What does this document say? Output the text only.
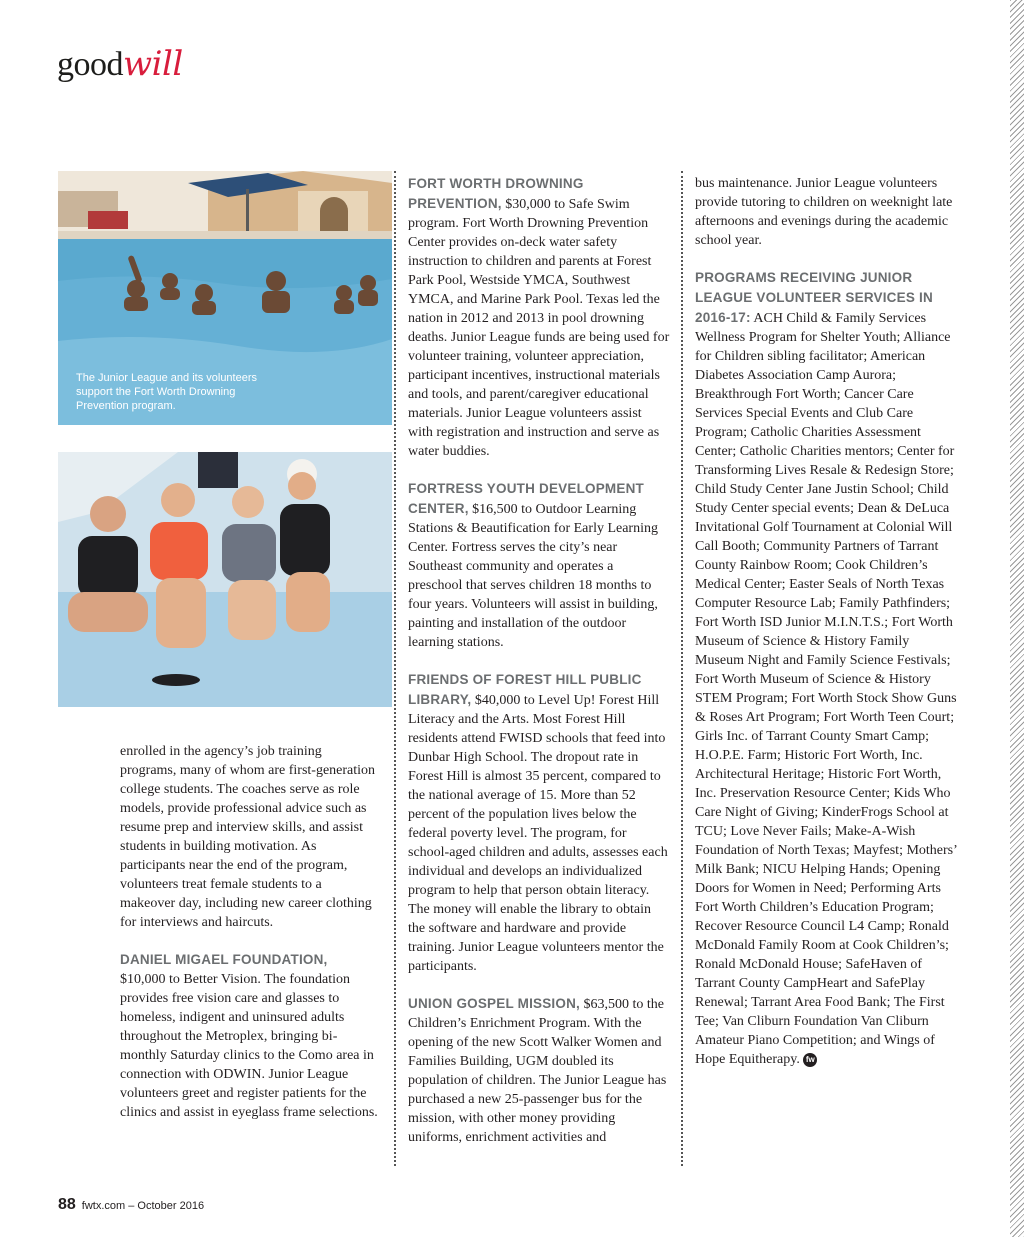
goodwill
The Junior League and its volunteers support the Fort Worth Drowning Prevention program.

enrolled in the agency’s job training programs, many of whom are first-generation college students. The coaches serve as role models, provide professional advice such as resume prep and interview skills, and assist students in building motivation. As participants near the end of the program, volunteers treat female students to a makeover day, including new career clothing for interviews and haircuts.

DANIEL MIGAEL FOUNDATION,
$10,000 to Better Vision. The foundation provides free vision care and glasses to homeless, indigent and uninsured adults throughout the Metroplex, bringing bi-monthly Saturday clinics to the Como area in connection with ODWIN. Junior League volunteers greet and register patients for the clinics and assist in eyeglass frame selections.

FORT WORTH DROWNING PREVENTION, $30,000 to Safe Swim program. Fort Worth Drowning Prevention Center provides on-deck water safety instruction to children and parents at Forest Park Pool, Westside YMCA, Southwest YMCA, and Marine Park Pool. Texas led the nation in 2012 and 2013 in pool drowning deaths. Junior League funds are being used for volunteer training, volunteer appreciation, participant incentives, instructional materials and tools, and parent/caregiver educational materials. Junior League volunteers assist with registration and instruction and serve as water buddies.

FORTRESS YOUTH DEVELOPMENT CENTER, $16,500 to Outdoor Learning Stations & Beautification for Early Learning Center. Fortress serves the city’s near Southeast community and operates a preschool that serves children 18 months to four years. Volunteers will assist in building, painting and installation of the outdoor learning stations.

FRIENDS OF FOREST HILL PUBLIC LIBRARY, $40,000 to Level Up! Forest Hill Literacy and the Arts. Most Forest Hill residents attend FWISD schools that feed into Dunbar High School. The dropout rate in Forest Hill is almost 35 percent, compared to the national average of 15. More than 52 percent of the population lives below the federal poverty level. The program, for school-aged children and adults, assesses each individual and develops an individualized program to help that person obtain literacy. The money will enable the library to obtain the software and hardware and provide training. Junior League volunteers mentor the participants.

UNION GOSPEL MISSION, $63,500 to the Children’s Enrichment Program. With the opening of the new Scott Walker Women and Families Building, UGM doubled its population of children. The Junior League has purchased a new 25-passenger bus for the mission, with other money providing uniforms, enrichment activities and

bus maintenance. Junior League volunteers provide tutoring to children on weeknight late afternoons and evenings during the academic school year.

PROGRAMS RECEIVING JUNIOR LEAGUE VOLUNTEER SERVICES IN 2016-17: ACH Child & Family Services Wellness Program for Shelter Youth; Alliance for Children sibling facilitator; American Diabetes Association Camp Aurora; Breakthrough Fort Worth; Cancer Care Services Special Events and Club Care Program; Catholic Charities Assessment Center; Catholic Charities mentors; Center for Transforming Lives Resale & Redesign Store; Child Study Center Jane Justin School; Child Study Center special events; Dean & DeLuca Invitational Golf Tournament at Colonial Will Call Booth; Community Partners of Tarrant County Rainbow Room; Cook Children’s Medical Center; Easter Seals of North Texas Computer Resource Lab; Family Pathfinders; Fort Worth ISD Junior M.I.N.T.S.; Fort Worth Museum of Science & History Family Museum Night and Family Science Festivals; Fort Worth Museum of Science & History STEM Program; Fort Worth Stock Show Guns & Roses Art Program; Fort Worth Teen Court; Girls Inc. of Tarrant County Smart Camp; H.O.P.E. Farm; Historic Fort Worth, Inc. Architectural Heritage; Historic Fort Worth, Inc. Preservation Resource Center; Kids Who Care Night of Giving; KinderFrogs School at TCU; Love Never Fails; Make-A-Wish Foundation of North Texas; Mayfest; Mothers’ Milk Bank; NICU Helping Hands; Opening Doors for Women in Need; Performing Arts Fort Worth Children’s Education Program; Recover Resource Council L4 Camp; Ronald McDonald Family Room at Cook Children’s; Ronald McDonald House; SafeHaven of Tarrant County CampHeart and SafePlay Renewal; Tarrant Area Food Bank; The First Tee; Van Cliburn Foundation Van Cliburn Amateur Piano Competition; and Wings of Hope Equitherapy. fw

88 fwtx.com – October 2016
